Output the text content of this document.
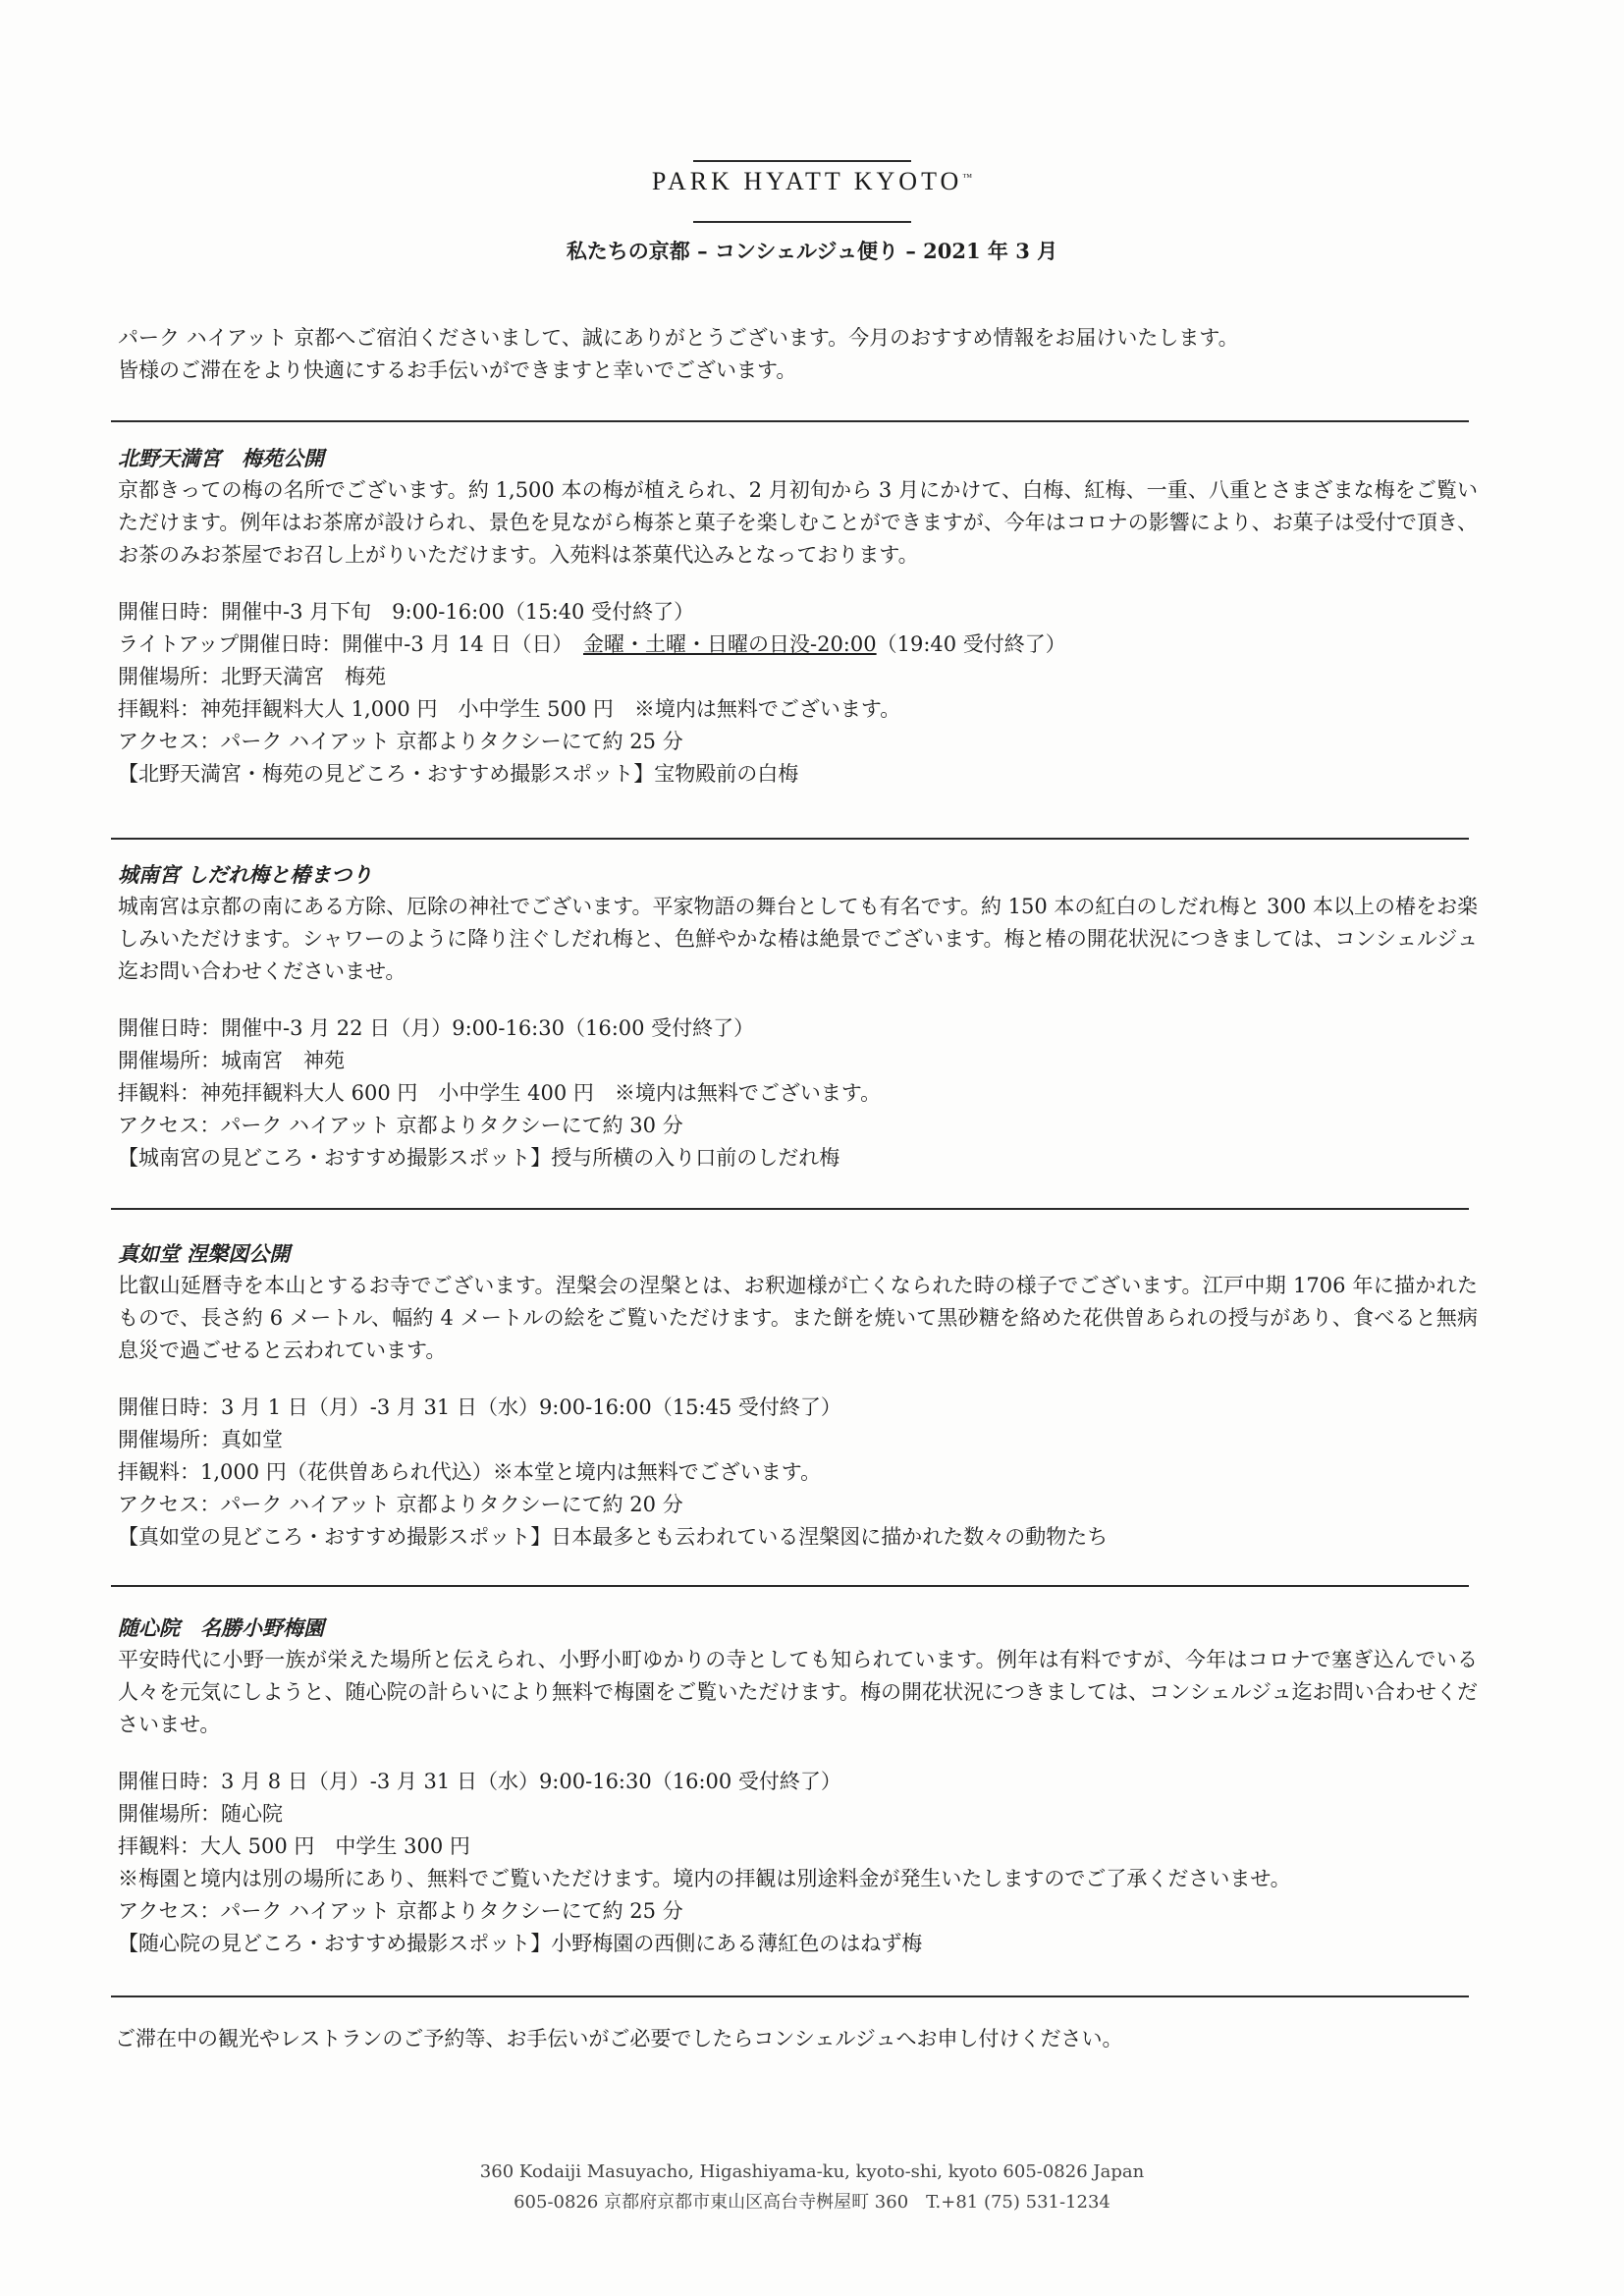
PARK HYATT KYOTO™
私たちの京都 – コンシェルジュ便り – 2021 年 3 月

パーク ハイアット 京都へご宿泊くださいまして、誠にありがとうございます。今月のおすすめ情報をお届けいたします。

皆様のご滞在をより快適にするお手伝いができますと幸いでございます。

北野天満宮　梅苑公開

京都きっての梅の名所でございます。約 1,500 本の梅が植えられ、2 月初旬から 3 月にかけて、白梅、紅梅、一重、八重とさまざまな梅をご覧いただけます。例年はお茶席が設けられ、景色を見ながら梅茶と菓子を楽しむことができますが、今年はコロナの影響により、お菓子は受付で頂き、お茶のみお茶屋でお召し上がりいただけます。入苑料は茶菓代込みとなっております。

開催日時：開催中-3 月下旬　9:00-16:00（15:40 受付終了）
ライトアップ開催日時：開催中-3 月 14 日（日）　 金曜・土曜・日曜の日没-20:00（19:40 受付終了）
開催場所：北野天満宮　梅苑
拝観料：神苑拝観料大人 1,000 円　小中学生 500 円　※境内は無料でございます。
アクセス：パーク ハイアット 京都よりタクシーにて約 25 分
【北野天満宮・梅苑の見どころ・おすすめ撮影スポット】宝物殿前の白梅
城南宮 しだれ梅と椿まつり

城南宮は京都の南にある方除、厄除の神社でございます。平家物語の舞台としても有名です。約 150 本の紅白のしだれ梅と 300 本以上の椿をお楽しみいただけます。シャワーのように降り注ぐしだれ梅と、色鮮やかな椿は絶景でございます。梅と椿の開花状況につきましては、コンシェルジュ迄お問い合わせくださいませ。

開催日時：開催中-3 月 22 日（月）9:00-16:30（16:00 受付終了）
開催場所：城南宮　神苑
拝観料：神苑拝観料大人 600 円　小中学生 400 円　※境内は無料でございます。
アクセス：パーク ハイアット 京都よりタクシーにて約 30 分
【城南宮の見どころ・おすすめ撮影スポット】授与所横の入り口前のしだれ梅
真如堂 涅槃図公開

比叡山延暦寺を本山とするお寺でございます。涅槃会の涅槃とは、お釈迦様が亡くなられた時の様子でございます。江戸中期 1706 年に描かれたもので、長さ約 6 メートル、幅約 4 メートルの絵をご覧いただけます。また餅を焼いて黒砂糖を絡めた花供曽あられの授与があり、食べると無病息災で過ごせると云われています。

開催日時：3 月 1 日（月）-3 月 31 日（水）9:00-16:00（15:45 受付終了）
開催場所：真如堂
拝観料：1,000 円（花供曽あられ代込）※本堂と境内は無料でございます。
アクセス：パーク ハイアット 京都よりタクシーにて約 20 分
【真如堂の見どころ・おすすめ撮影スポット】日本最多とも云われている涅槃図に描かれた数々の動物たち
随心院　名勝小野梅園

平安時代に小野一族が栄えた場所と伝えられ、小野小町ゆかりの寺としても知られています。例年は有料ですが、今年はコロナで塞ぎ込んでいる人々を元気にしようと、随心院の計らいにより無料で梅園をご覧いただけます。梅の開花状況につきましては、コンシェルジュ迄お問い合わせくださいませ。

開催日時：3 月 8 日（月）-3 月 31 日（水）9:00-16:30（16:00 受付終了）
開催場所：随心院
拝観料：大人 500 円　中学生 300 円
※梅園と境内は別の場所にあり、無料でご覧いただけます。境内の拝観は別途料金が発生いたしますのでご了承くださいませ。
アクセス：パーク ハイアット 京都よりタクシーにて約 25 分
【随心院の見どころ・おすすめ撮影スポット】小野梅園の西側にある薄紅色のはねず梅
ご滞在中の観光やレストランのご予約等、お手伝いがご必要でしたらコンシェルジュへお申し付けください。
360 Kodaiji Masuyacho, Higashiyama-ku, kyoto-shi, kyoto 605-0826 Japan
605-0826 京都府京都市東山区高台寺桝屋町 360　T.+81 (75) 531-1234
